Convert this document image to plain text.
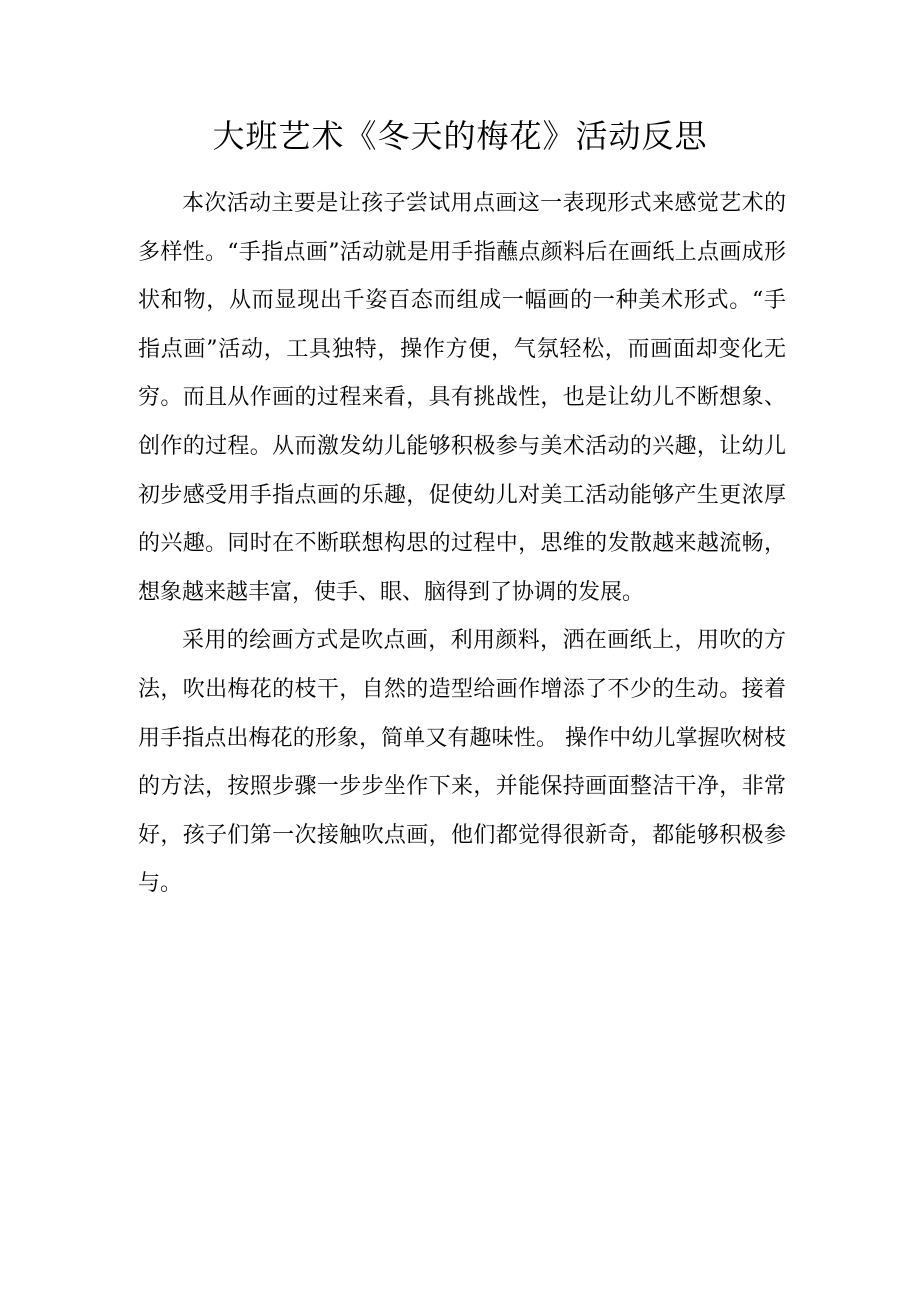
大班艺术《冬天的梅花》活动反思

本次活动主要是让孩子尝试用点画这一表现形式来感觉艺术的多样性。“手指点画”活动就是用手指蘸点颜料后在画纸上点画成形状和物，从而显现出千姿百态而组成一幅画的一种美术形式。“手指点画”活动，工具独特，操作方便，气氛轻松，而画面却变化无穷。而且从作画的过程来看，具有挑战性，也是让幼儿不断想象、创作的过程。从而激发幼儿能够积极参与美术活动的兴趣，让幼儿初步感受用手指点画的乐趣，促使幼儿对美工活动能够产生更浓厚的兴趣。同时在不断联想构思的过程中，思维的发散越来越流畅，想象越来越丰富，使手、眼、脑得到了协调的发展。

采用的绘画方式是吹点画，利用颜料，洒在画纸上，用吹的方法，吹出梅花的枝干，自然的造型给画作增添了不少的生动。接着用手指点出梅花的形象，简单又有趣味性。 操作中幼儿掌握吹树枝的方法，按照步骤一步步坐作下来，并能保持画面整洁干净，非常好，孩子们第一次接触吹点画，他们都觉得很新奇，都能够积极参与。
